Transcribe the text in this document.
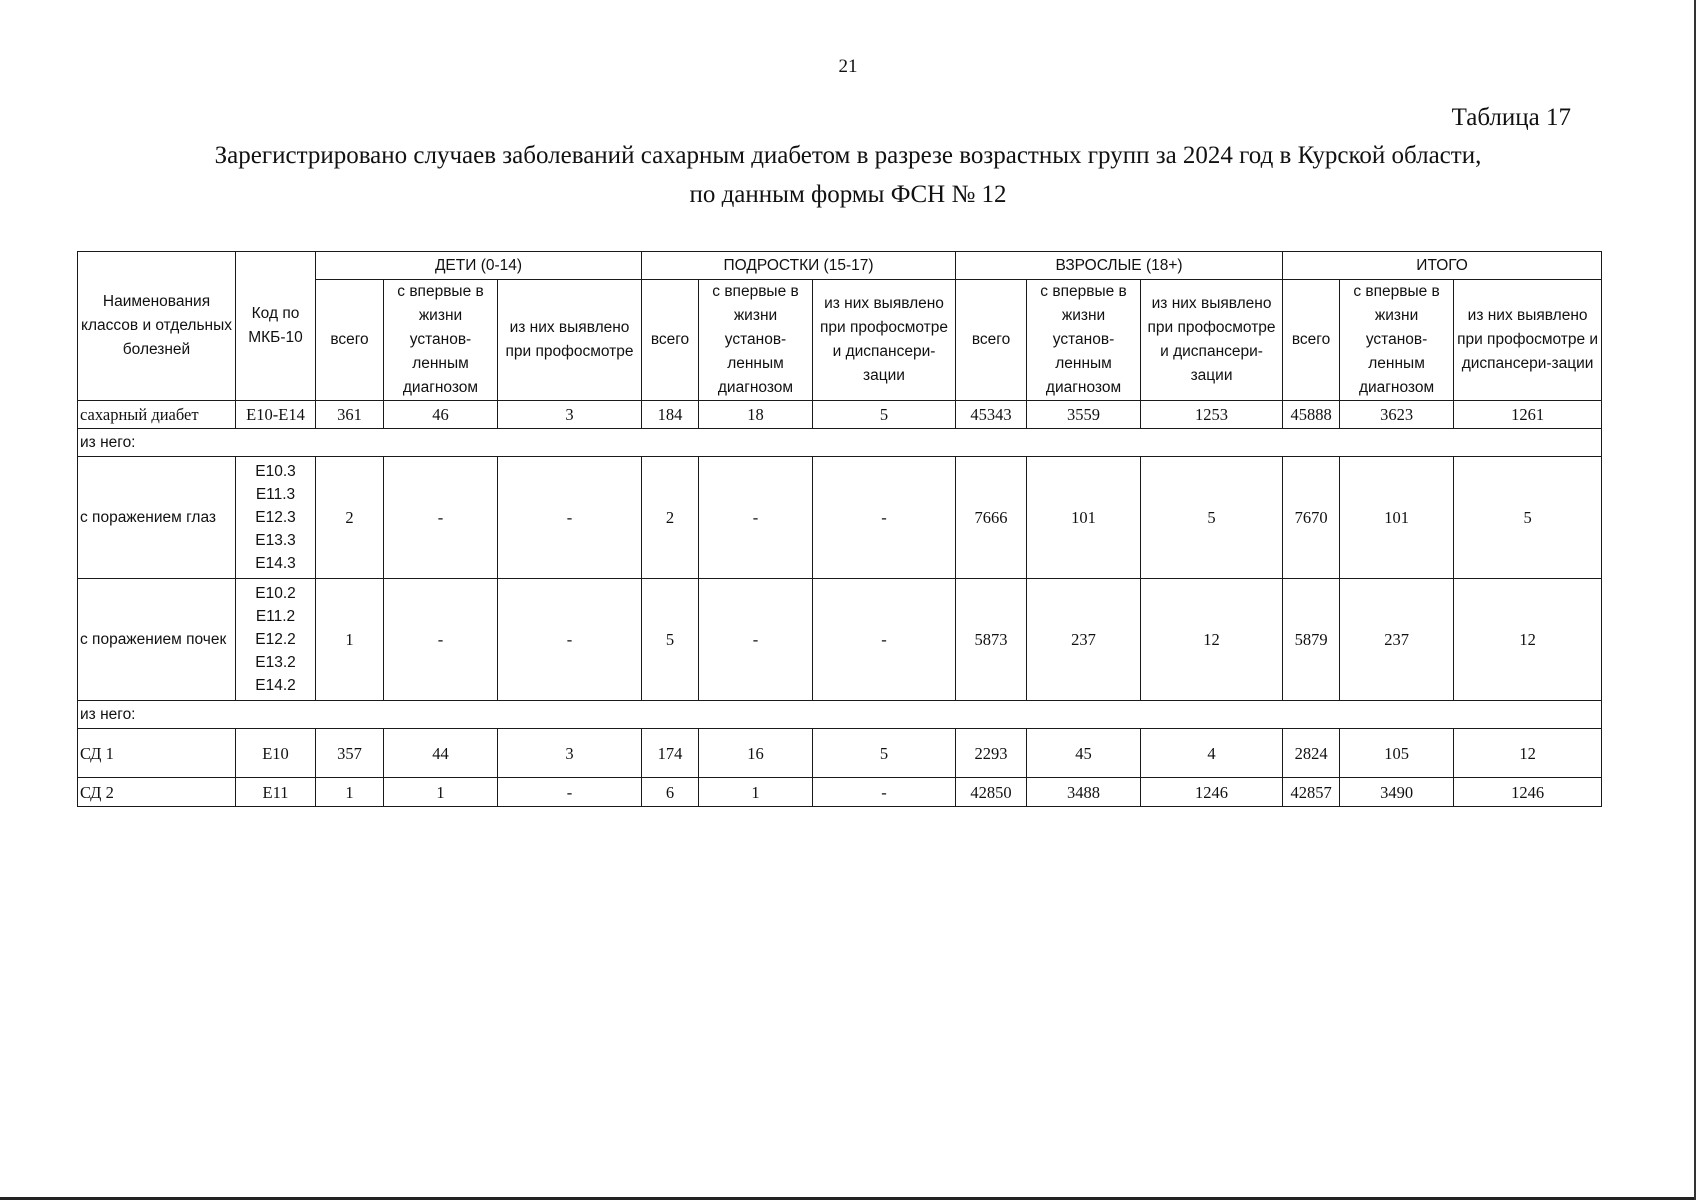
21
Таблица 17
Зарегистрировано случаев заболеваний сахарным диабетом в разрезе возрастных групп за 2024 год в Курской области,
по данным формы ФСН № 12
Наименования классов и отдельных болезней	Код по МКБ-10	ДЕТИ (0-14)			ПОДРОСТКИ (15-17)			ВЗРОСЛЫЕ (18+)			ИТОГО		
		всего	с впервые в жизни установ-ленным диагнозом	из них выявлено при профосмотре	всего	с впервые в жизни установ-ленным диагнозом	из них выявлено при профосмотре и диспансери-зации	всего	с впервые в жизни установ-ленным диагнозом	из них выявлено при профосмотре и диспансери-зации	всего	с впервые в жизни установ-ленным диагнозом	из них выявлено при профосмотре и диспансери-зации
сахарный диабет	E10-E14	361	46	3	184	18	5	45343	3559	1253	45888	3623	1261
из него:													
с поражением глаз	E10.3
E11.3
E12.3
E13.3
E14.3	2	-	-	2	-	-	7666	101	5	7670	101	5
с поражением почек	E10.2
E11.2
E12.2
E13.2
E14.2	1	-	-	5	-	-	5873	237	12	5879	237	12
из него:													
СД 1	E10	357	44	3	174	16	5	2293	45	4	2824	105	12
СД 2	E11	1	1	-	6	1	-	42850	3488	1246	42857	3490	1246
